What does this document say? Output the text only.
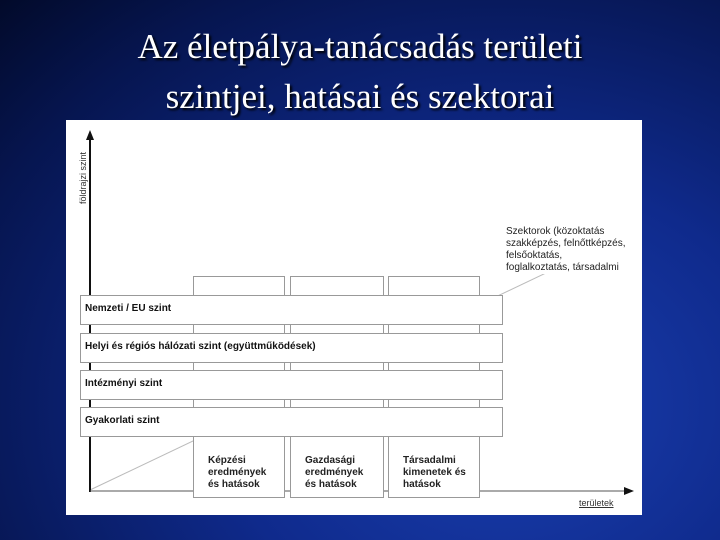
Az életpálya-tanácsadás területi
szintjei, hatásai és szektorai
Képzési
eredmények
és hatások
Gazdasági
eredmények
és hatások
Társadalmi
kimenetek és
hatások
Nemzeti / EU szint
Helyi és régiós hálózati szint (együttműködések)
Intézményi szint
Gyakorlati szint
Szektorok (közoktatás
szakképzés, felnőttképzés,
felsőoktatás,
foglalkoztatás, társadalmi
földrajzi szint
területek
